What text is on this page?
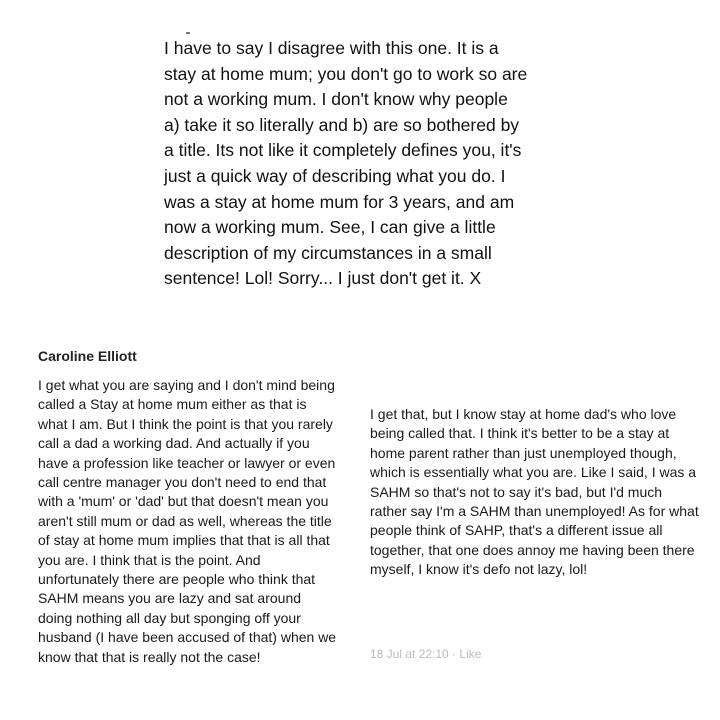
I have to say I disagree with this one. It is a stay at home mum; you don't go to work so are not a working mum. I don't know why people a) take it so literally and b) are so bothered by a title. Its not like it completely defines you, it's just a quick way of describing what you do. I was a stay at home mum for 3 years, and am now a working mum. See, I can give a little description of my circumstances in a small sentence! Lol! Sorry... I just don't get it. X

Caroline Elliott

I get what you are saying and I don't mind being called a Stay at home mum either as that is what I am. But I think the point is that you rarely call a dad a working dad. And actually if you have a profession like teacher or lawyer or even call centre manager you don't need to end that with a 'mum' or 'dad' but that doesn't mean you aren't still mum or dad as well, whereas the title of stay at home mum implies that that is all that you are. I think that is the point. And unfortunately there are people who think that SAHM means you are lazy and sat around doing nothing all day but sponging off your husband (I have been accused of that) when we know that that is really not the case!

I get that, but I know stay at home dad's who love being called that. I think it's better to be a stay at home parent rather than just unemployed though, which is essentially what you are. Like I said, I was a SAHM so that's not to say it's bad, but I'd much rather say I'm a SAHM than unemployed! As for what people think of SAHP, that's a different issue all together, that one does annoy me having been there myself, I know it's defo not lazy, lol!

18 Jul at 22:10 · Like
